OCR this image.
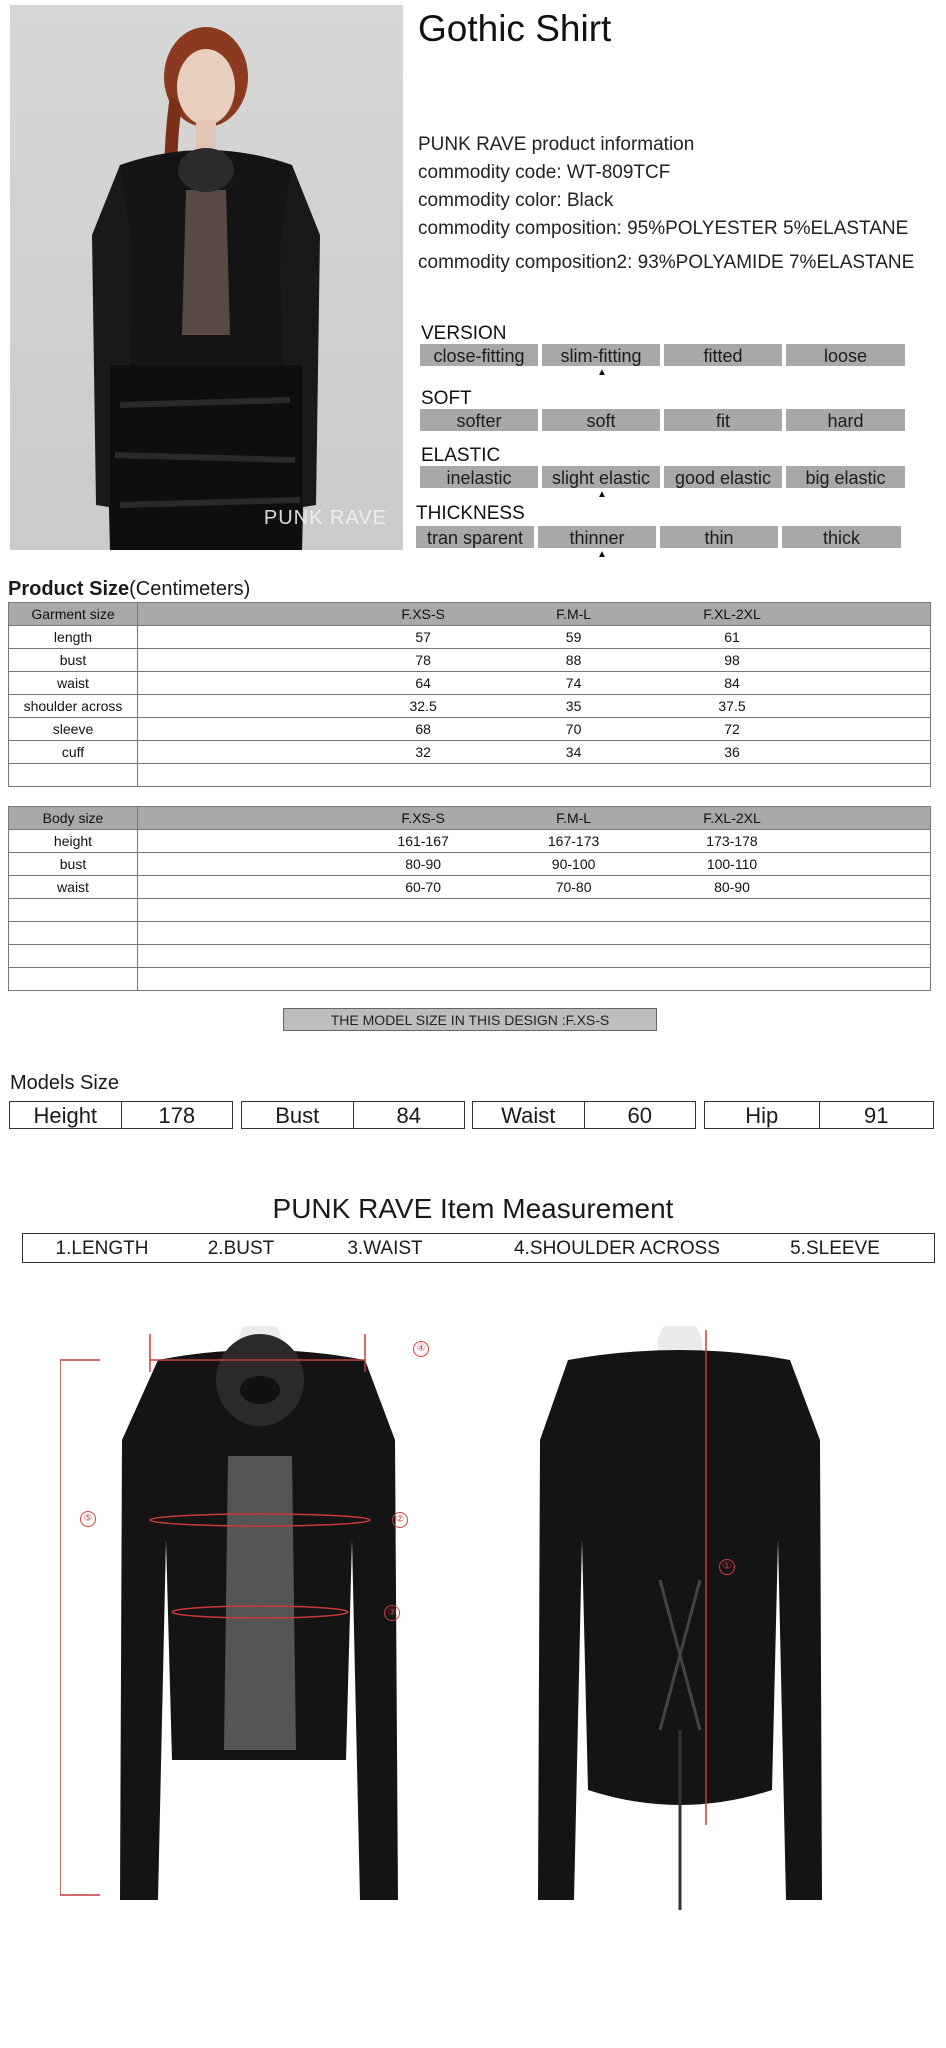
PUNK RAVE
Gothic Shirt
PUNK RAVE product information
commodity code: WT-809TCF
commodity color: Black
commodity composition: 95%POLYESTER 5%ELASTANE
commodity composition2: 93%POLYAMIDE 7%ELASTANE
VERSION
close-fitting	slim-fitting	fitted	loose
▲
SOFT
softer	soft	fit	hard
ELASTIC
inelastic	slight elastic	good elastic	big elastic
▲
THICKNESS
tran sparent	thinner	thin	thick
▲
Product Size(Centimeters)
Garment size	F.XS-S F.M-L F.XL-2XL

length	57 59 61

bust	78 88 98

waist	64 74 84

shoulder across	32.5 35 37.5

sleeve	68 70 72

cuff	32 34 36

Body size	F.XS-S F.M-L F.XL-2XL

height	161-167 167-173 173-178

bust	80-90 90-100 100-110

waist	60-70 70-80 80-90

THE MODEL SIZE IN THIS DESIGN :F.XS-S
Models Size
Height	178	Bust	84	Waist	60	Hip	91
PUNK RAVE Item Measurement
1.LENGTH	2.BUST	3.WAIST	4.SHOULDER ACROSS	5.SLEEVE
④
⑤	②
③
①
